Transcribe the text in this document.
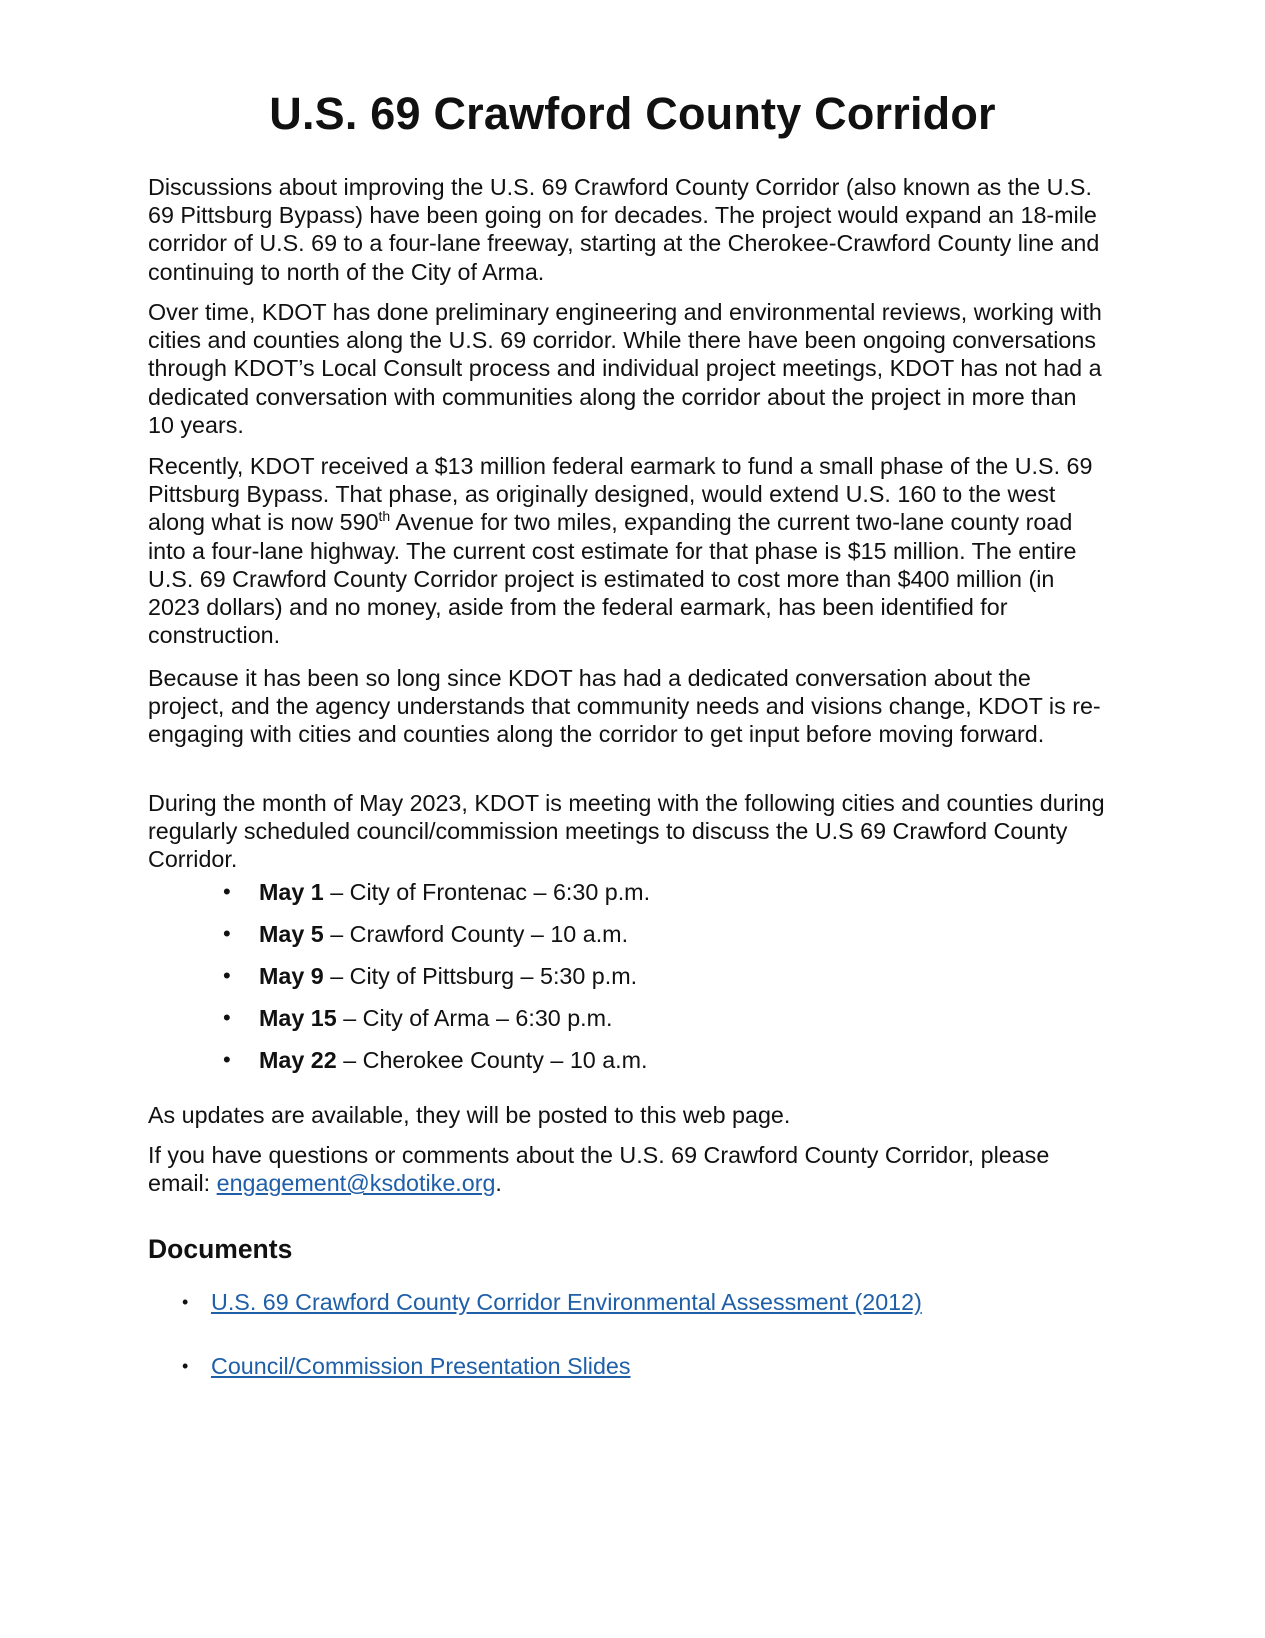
U.S. 69 Crawford County Corridor

Discussions about improving the U.S. 69 Crawford County Corridor (also known as the U.S. 69 Pittsburg Bypass) have been going on for decades. The project would expand an 18-mile corridor of U.S. 69 to a four-lane freeway, starting at the Cherokee-Crawford County line and continuing to north of the City of Arma.

Over time, KDOT has done preliminary engineering and environmental reviews, working with cities and counties along the U.S. 69 corridor. While there have been ongoing conversations through KDOT’s Local Consult process and individual project meetings, KDOT has not had a dedicated conversation with communities along the corridor about the project in more than 10 years.

Recently, KDOT received a $13 million federal earmark to fund a small phase of the U.S. 69 Pittsburg Bypass. That phase, as originally designed, would extend U.S. 160 to the west along what is now 590th Avenue for two miles, expanding the current two-lane county road into a four-lane highway. The current cost estimate for that phase is $15 million. The entire U.S. 69 Crawford County Corridor project is estimated to cost more than $400 million (in 2023 dollars) and no money, aside from the federal earmark, has been identified for construction.

Because it has been so long since KDOT has had a dedicated conversation about the project, and the agency understands that community needs and visions change, KDOT is re-engaging with cities and counties along the corridor to get input before moving forward.

During the month of May 2023, KDOT is meeting with the following cities and counties during regularly scheduled council/commission meetings to discuss the U.S 69 Crawford County Corridor.

• May 1 – City of Frontenac – 6:30 p.m.
• May 5 – Crawford County – 10 a.m.
• May 9 – City of Pittsburg – 5:30 p.m.
• May 15 – City of Arma – 6:30 p.m.
• May 22 – Cherokee County – 10 a.m.

As updates are available, they will be posted to this web page.

If you have questions or comments about the U.S. 69 Crawford County Corridor, please email: engagement@ksdotike.org.

Documents
• U.S. 69 Crawford County Corridor Environmental Assessment (2012)
• Council/Commission Presentation Slides
